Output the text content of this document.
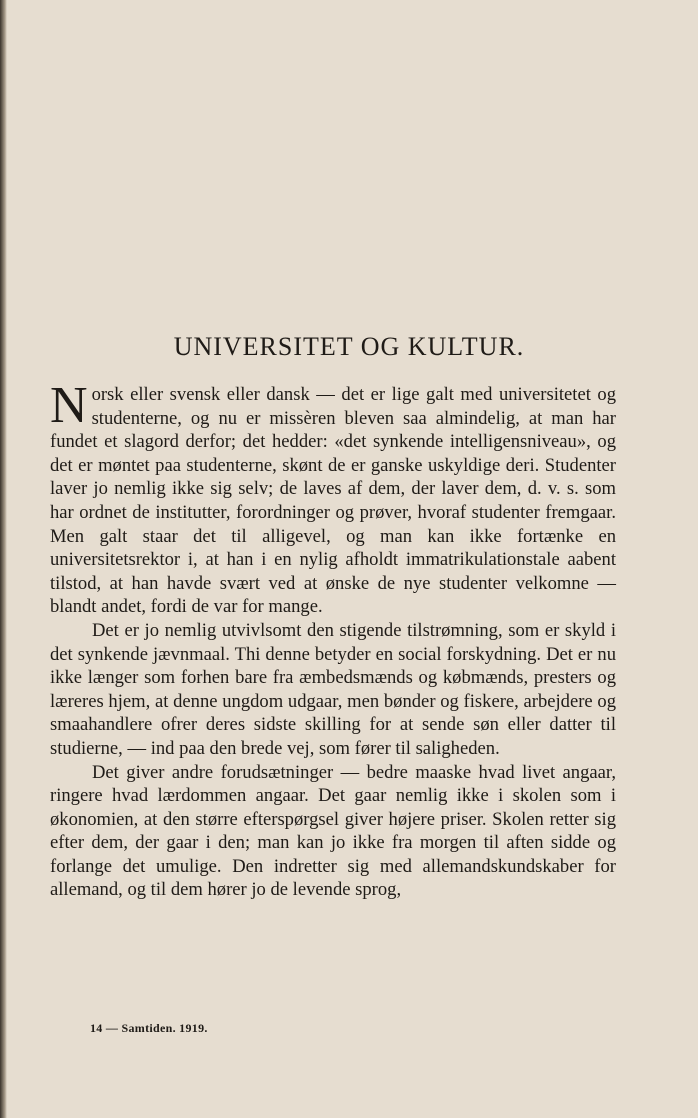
UNIVERSITET OG KULTUR.

Norsk eller svensk eller dansk — det er lige galt med universitetet og studenterne, og nu er missèren bleven saa almindelig, at man har fundet et slagord derfor; det hedder: «det synkende intelligensniveau», og det er møntet paa studenterne, skønt de er ganske uskyldige deri. Studenter laver jo nemlig ikke sig selv; de laves af dem, der laver dem, d. v. s. som har ordnet de institutter, forordninger og prøver, hvoraf studenter fremgaar. Men galt staar det til alligevel, og man kan ikke fortænke en universitetsrektor i, at han i en nylig afholdt immatrikulationstale aabent tilstod, at han havde svært ved at ønske de nye studenter velkomne — blandt andet, fordi de var for mange.

Det er jo nemlig utvivlsomt den stigende tilstrømning, som er skyld i det synkende jævnmaal. Thi denne betyder en social forskydning. Det er nu ikke længer som forhen bare fra æmbedsmænds og købmænds, presters og læreres hjem, at denne ungdom udgaar, men bønder og fiskere, arbejdere og smaahandlere ofrer deres sidste skilling for at sende søn eller datter til studierne, — ind paa den brede vej, som fører til saligheden.

Det giver andre forudsætninger — bedre maaske hvad livet angaar, ringere hvad lærdommen angaar. Det gaar nemlig ikke i skolen som i økonomien, at den større efterspørgsel giver højere priser. Skolen retter sig efter dem, der gaar i den; man kan jo ikke fra morgen til aften sidde og forlange det umulige. Den indretter sig med allemandskundskaber for allemand, og til dem hører jo de levende sprog,

14 — Samtiden. 1919.
